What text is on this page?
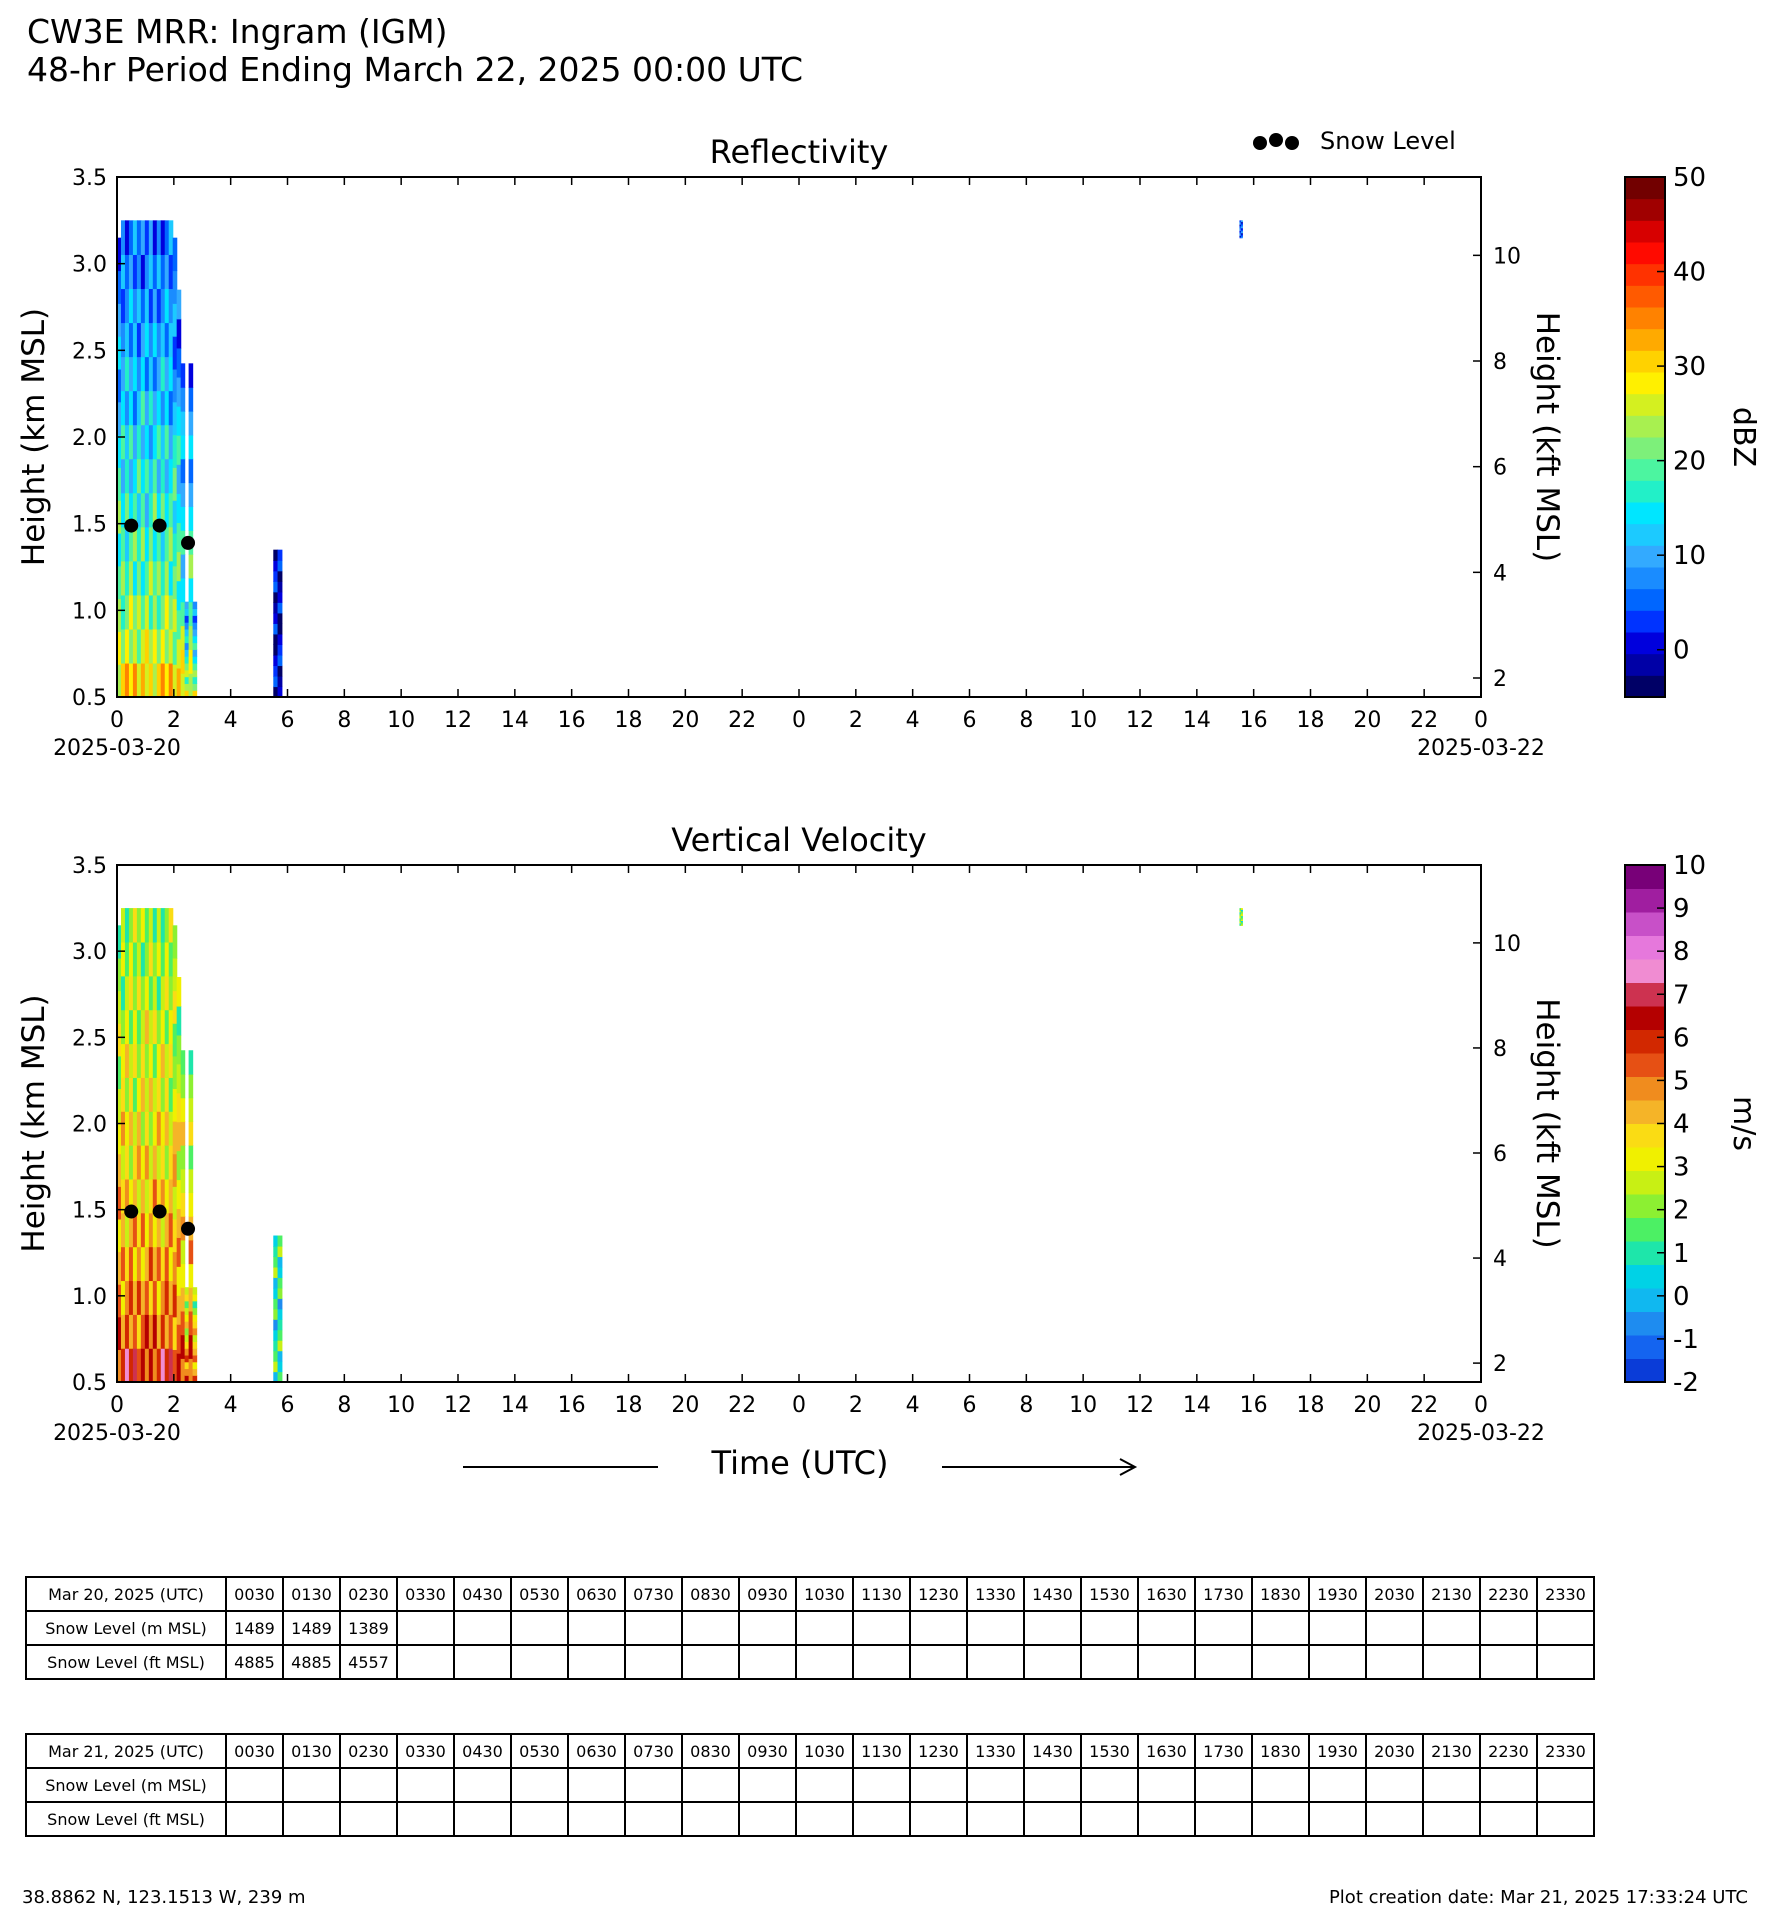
CW3E MRR: Ingram (IGM)
48-hr Period Ending March 22, 2025 00:00 UTC
Reflectivity
3.5
3.0
2.5
2.0
1.5
1.0
0.5
10
8
6
4
2
0 2 4 6 8 10 12 14 16 18 20 22 0 2 4 6 8 10 12 14 16 18 20 22 0
2025-03-20	2025-03-22
Height (km MSL)	Height (kft MSL)
50
40
30
20
10
0
dBZ
Vertical Velocity
3.5
3.0
2.5
2.0
1.5
1.0
0.5
10
8
6
4
2
0 2 4 6 8 10 12 14 16 18 20 22 0 2 4 6 8 10 12 14 16 18 20 22 0
2025-03-20	2025-03-22
Height (km MSL)	Height (kft MSL)
10
9
8
7
6
5
4
3
2
1
0
-1
-2
m/s
Snow Level
Time (UTC)
Mar 20, 2025 (UTC)	0030	0130	0230	0330	0430	0530	0630	0730	0830	0930	1030	1130	1230	1330	1430	1530	1630	1730	1830	1930	2030	2130	2230	2330
Snow Level (m MSL)	1489	1489	1389																					
Snow Level (ft MSL)	4885	4885	4557																					
Mar 21, 2025 (UTC)	0030	0130	0230	0330	0430	0530	0630	0730	0830	0930	1030	1130	1230	1330	1430	1530	1630	1730	1830	1930	2030	2130	2230	2330
Snow Level (m MSL)																								
Snow Level (ft MSL)																								
38.8862 N, 123.1513 W, 239 m	Plot creation date: Mar 21, 2025 17:33:24 UTC
